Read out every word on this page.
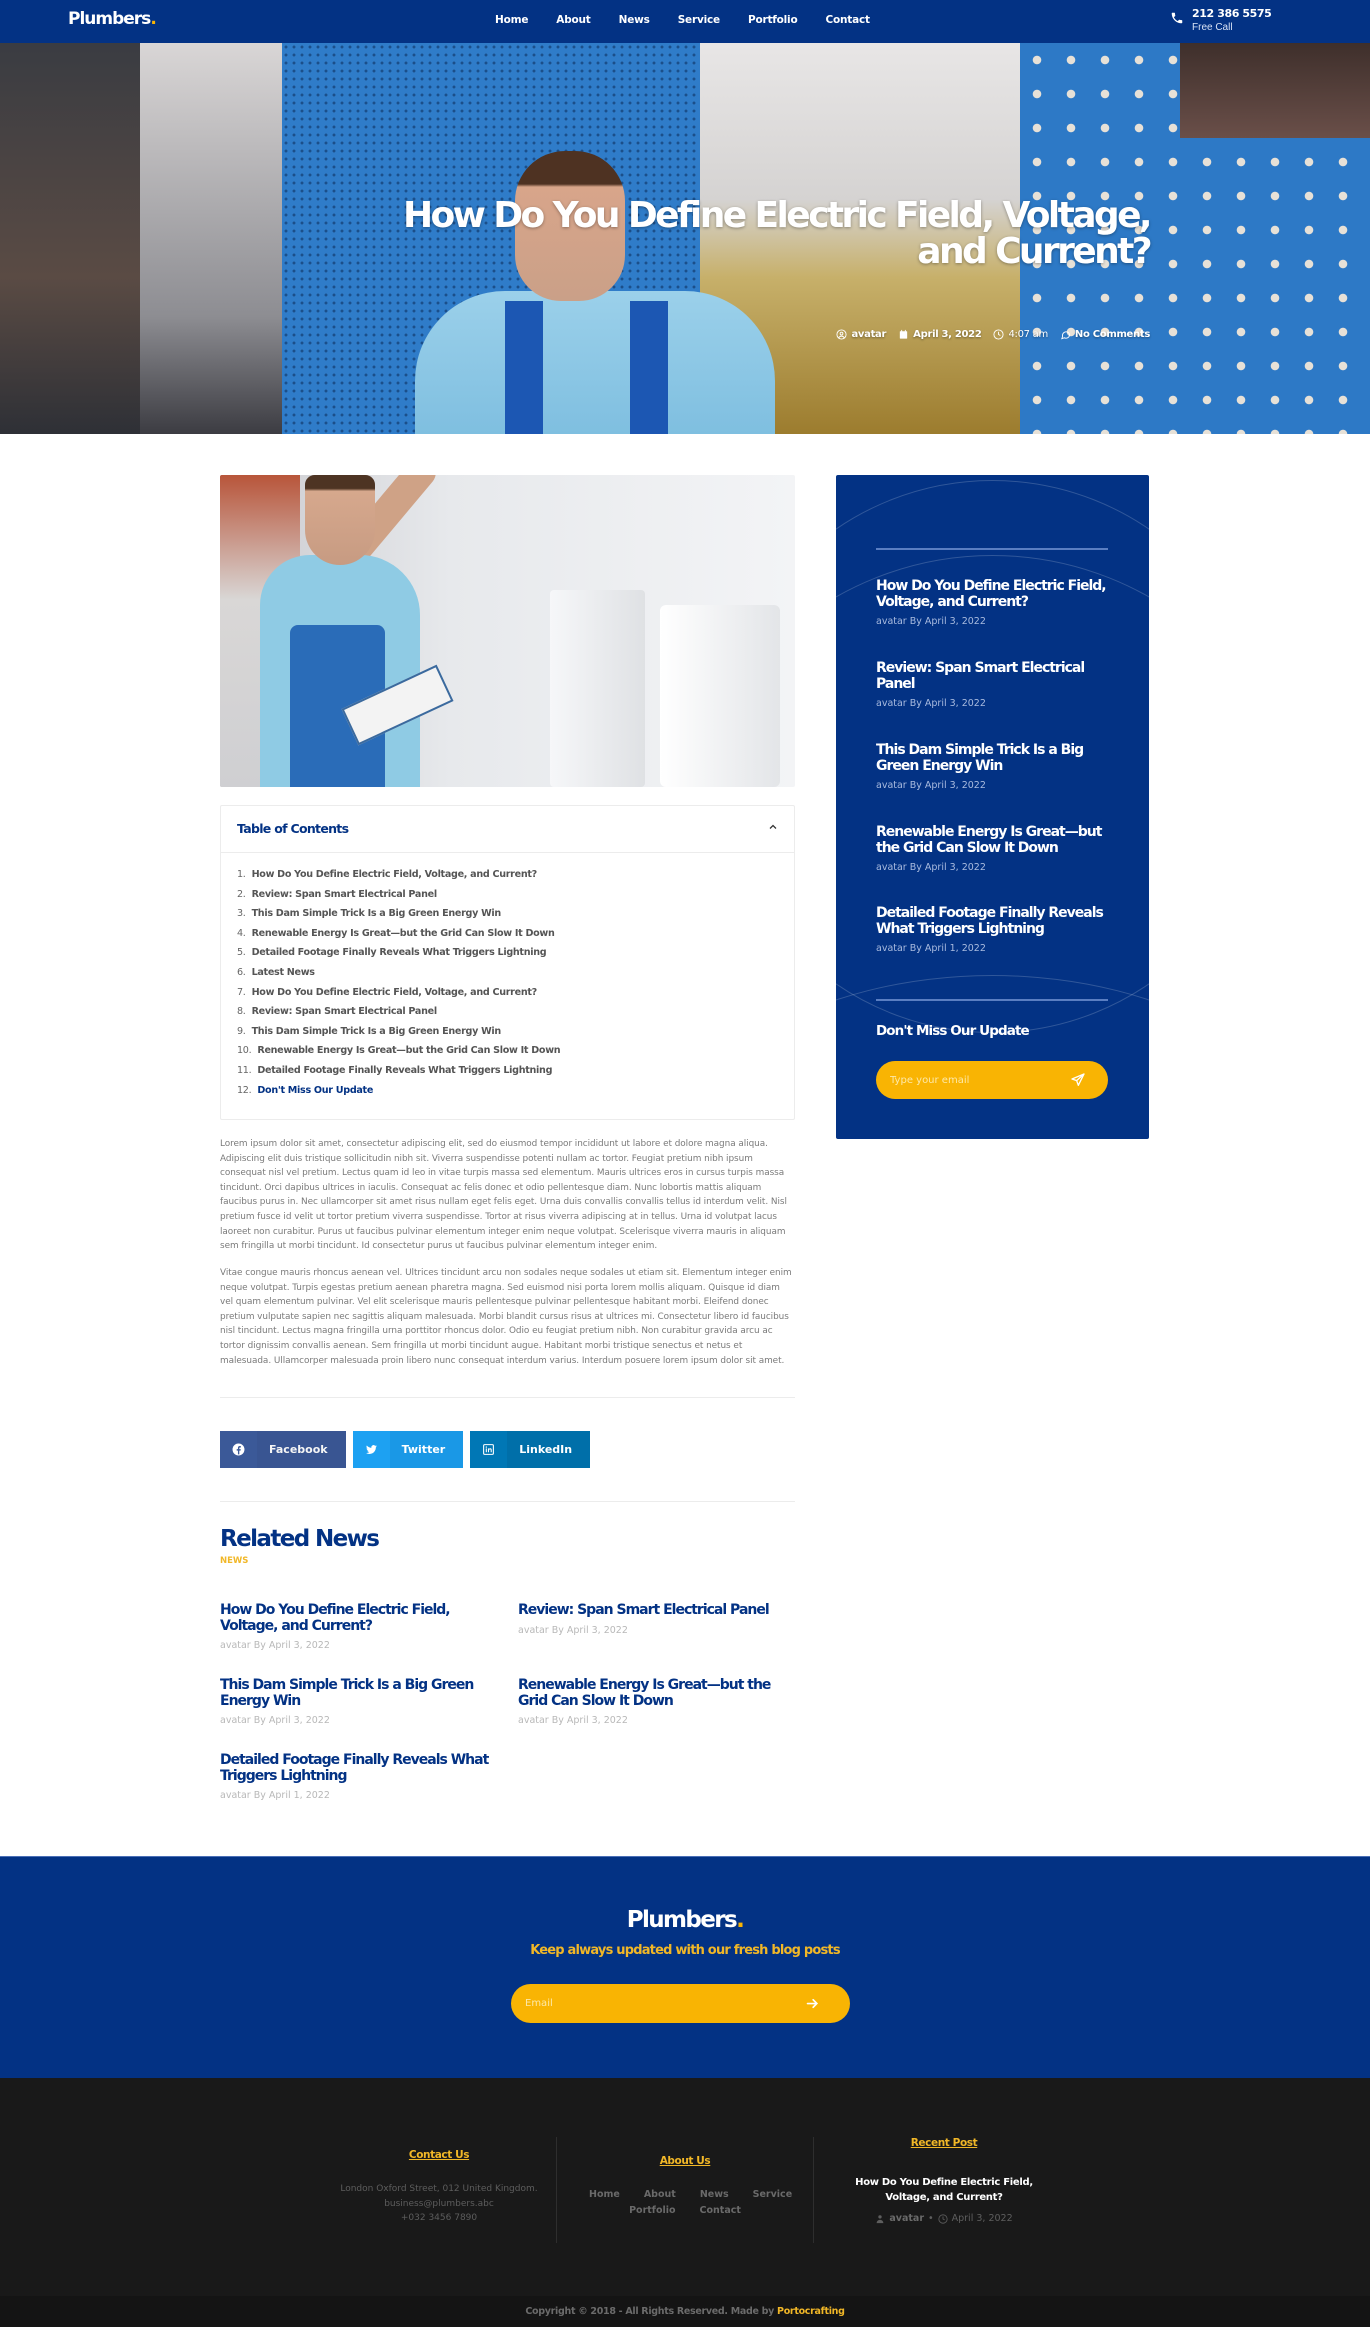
Plumbers.	Home	About	News	Service	Portfolio	Contact	212 386 5575
Free Call
How Do You Define Electric Field, Voltage, and Current?
avatar	April 3, 2022	4:07 am	No Comments
Table of Contents
1. How Do You Define Electric Field, Voltage, and Current?
2. Review: Span Smart Electrical Panel
3. This Dam Simple Trick Is a Big Green Energy Win
4. Renewable Energy Is Great—but the Grid Can Slow It Down
5. Detailed Footage Finally Reveals What Triggers Lightning
6. Latest News
7. How Do You Define Electric Field, Voltage, and Current?
8. Review: Span Smart Electrical Panel
9. This Dam Simple Trick Is a Big Green Energy Win
10. Renewable Energy Is Great—but the Grid Can Slow It Down
11. Detailed Footage Finally Reveals What Triggers Lightning
12. Don't Miss Our Update

Lorem ipsum dolor sit amet, consectetur adipiscing elit, sed do eiusmod tempor incididunt ut labore et dolore magna aliqua. Adipiscing elit duis tristique sollicitudin nibh sit. Viverra suspendisse potenti nullam ac tortor. Feugiat pretium nibh ipsum consequat nisl vel pretium. Lectus quam id leo in vitae turpis massa sed elementum. Mauris ultrices eros in cursus turpis massa tincidunt. Orci dapibus ultrices in iaculis. Consequat ac felis donec et odio pellentesque diam. Nunc lobortis mattis aliquam faucibus purus in. Nec ullamcorper sit amet risus nullam eget felis eget. Urna duis convallis convallis tellus id interdum velit. Nisl pretium fusce id velit ut tortor pretium viverra suspendisse. Tortor at risus viverra adipiscing at in tellus. Urna id volutpat lacus laoreet non curabitur. Purus ut faucibus pulvinar elementum integer enim neque volutpat. Scelerisque viverra mauris in aliquam sem fringilla ut morbi tincidunt. Id consectetur purus ut faucibus pulvinar elementum integer enim.

Vitae congue mauris rhoncus aenean vel. Ultrices tincidunt arcu non sodales neque sodales ut etiam sit. Elementum integer enim neque volutpat. Turpis egestas pretium aenean pharetra magna. Sed euismod nisi porta lorem mollis aliquam. Quisque id diam vel quam elementum pulvinar. Vel elit scelerisque mauris pellentesque pulvinar pellentesque habitant morbi. Eleifend donec pretium vulputate sapien nec sagittis aliquam malesuada. Morbi blandit cursus risus at ultrices mi. Consectetur libero id faucibus nisl tincidunt. Lectus magna fringilla urna porttitor rhoncus dolor. Odio eu feugiat pretium nibh. Non curabitur gravida arcu ac tortor dignissim convallis aenean. Sem fringilla ut morbi tincidunt augue. Habitant morbi tristique senectus et netus et malesuada. Ullamcorper malesuada proin libero nunc consequat interdum varius. Interdum posuere lorem ipsum dolor sit amet.

Facebook	Twitter	LinkedIn
Related News
NEWS
How Do You Define Electric Field, Voltage, and Current?
avatar By April 3, 2022
Review: Span Smart Electrical Panel
avatar By April 3, 2022
This Dam Simple Trick Is a Big Green Energy Win
avatar By April 3, 2022
Renewable Energy Is Great—but the Grid Can Slow It Down
avatar By April 3, 2022
Detailed Footage Finally Reveals What Triggers Lightning
avatar By April 1, 2022
How Do You Define Electric Field, Voltage, and Current?
avatar By April 3, 2022
Review: Span Smart Electrical Panel
avatar By April 3, 2022
This Dam Simple Trick Is a Big Green Energy Win
avatar By April 3, 2022
Renewable Energy Is Great—but the Grid Can Slow It Down
avatar By April 3, 2022
Detailed Footage Finally Reveals What Triggers Lightning
avatar By April 1, 2022
Don't Miss Our Update
Type your email
Plumbers.
Keep always updated with our fresh blog posts
Email
Contact Us
London Oxford Street, 012 United Kingdom.
business@plumbers.abc
+032 3456 7890
About Us
Home	About	News	Service
Portfolio	Contact
Recent Post
How Do You Define Electric Field, Voltage, and Current?
avatar • April 3, 2022
Copyright © 2018 - All Rights Reserved. Made by Portocrafting
